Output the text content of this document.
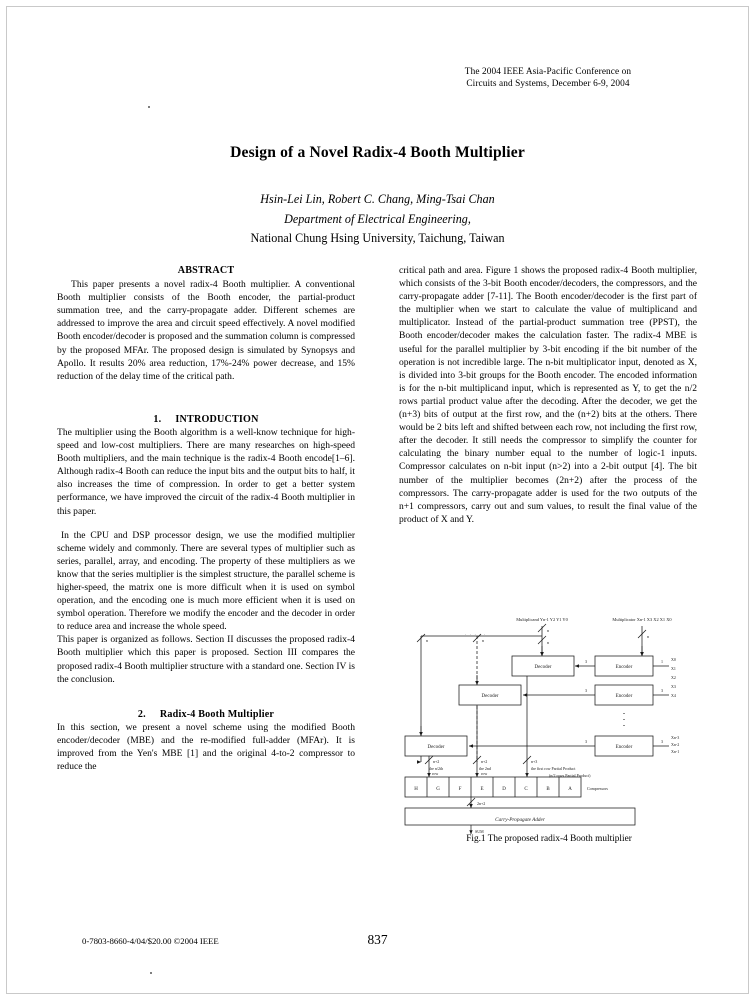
The 2004 IEEE Asia-Pacific Conference on
Circuits and Systems, December 6-9, 2004
Design of a Novel Radix-4 Booth Multiplier
Hsin-Lei Lin, Robert C. Chang, Ming-Tsai Chan
Department of Electrical Engineering,
National Chung Hsing University, Taichung, Taiwan
ABSTRACT

This paper presents a novel radix-4 Booth multiplier. A conventional Booth multiplier consists of the Booth encoder, the partial-product summation tree, and the carry-propagate adder. Different schemes are addressed to improve the area and circuit speed effectively. A novel modified Booth encoder/decoder is proposed and the summation column is compressed by the proposed MFAr. The proposed design is simulated by Synopsys and Apollo. It results 20% area reduction, 17%-24% power decrease, and 15% reduction of the delay time of the critical path.

1. INTRODUCTION

The multiplier using the Booth algorithm is a well-know technique for high-speed and low-cost multipliers. There are many researches on high-speed Booth multipliers, and the main technique is the radix-4 Booth encode[1–6]. Although radix-4 Booth can reduce the input bits and the output bits to half, it also increases the time of compression. In order to get a better system performance, we have improved the circuit of the radix-4 Booth multiplier in this paper.

In the CPU and DSP processor design, we use the modified multiplier scheme widely and commonly. There are several types of multiplier such as series, parallel, array, and encoding. The property of these multipliers as we know that the series multiplier is the simplest structure, the parallel scheme is higher-speed, the matrix one is more difficult when it is used on symbol operation, and the encoding one is much more efficient when it is used on symbol operation. Therefore we modify the encoder and the decoder in order to reduce area and increase the whole speed.

This paper is organized as follows. Section II discusses the proposed radix-4 Booth multiplier which this paper is proposed. Section III compares the proposed radix-4 Booth multiplier structure with a standard one. Section IV is the conclusion.

2. Radix-4 Booth Multiplier

In this section, we present a novel scheme using the modified Booth encoder/decoder (MBE) and the re-modified full-adder (MFAr). It is improved from the Yen's MBE [1] and the original 4-to-2 compressor to reduce the

critical path and area. Figure 1 shows the proposed radix-4 Booth multiplier, which consists of the 3-bit Booth encoder/decoders, the compressors, and the carry-propagate adder [7-11]. The Booth encoder/decoder is the first part of the multiplier when we start to calculate the value of multiplicand and multiplicator. Instead of the partial-product summation tree (PPST), the Booth encoder/decoder makes the calculation faster. The radix-4 MBE is useful for the parallel multiplier by 3-bit encoding if the bit number of the operation is not incredible large. The n-bit multiplicator input, denoted as X, is divided into 3-bit groups for the Booth encoder. The encoded information is for the n-bit multiplicand input, which is represented as Y, to get the n/2 rows partial product value after the decoding. After the decoder, we get the (n+3) bits of output at the first row, and the (n+2) bits at the others. There would be 2 bits left and shifted between each row, not including the first row, after the decoder. It still needs the compressor to simplify the counter for calculating the binary number equal to the number of logic-1 inputs. Compressor calculates on n-bit input (n>2) into a 2-bit output [4]. The bit number of the multiplier becomes (2n+2) after the process of the compressors. The carry-propagate adder is used for the two outputs of the n+1 compressors, carry out and sum values, to result the final value of the product of X and Y.

Multiplicand Yn-1 Y2 Y1 Y0	Multiplicator Xn-1 X3 X2 X1 X0
Decoder
Decoder
Decoder
Encoder
Encoder
Encoder
Carry-Propagate Adder
H	G	F	E	D	C	B	A
n
n
n
n	n
3
3
3
1
3
3
n+2	n+2	n+3
the n/2th
row
the 2nd
row
the first row Partial Product
(n/2 rows Partial Product)
Compressors
2n+2
· · · · ·
X0
X1
X2
X3
X4
Xn-3
Xn-2
Xn-1
SUM
Fig.1 The proposed radix-4 Booth multiplier
0-7803-8660-4/04/$20.00 ©2004 IEEE	837
